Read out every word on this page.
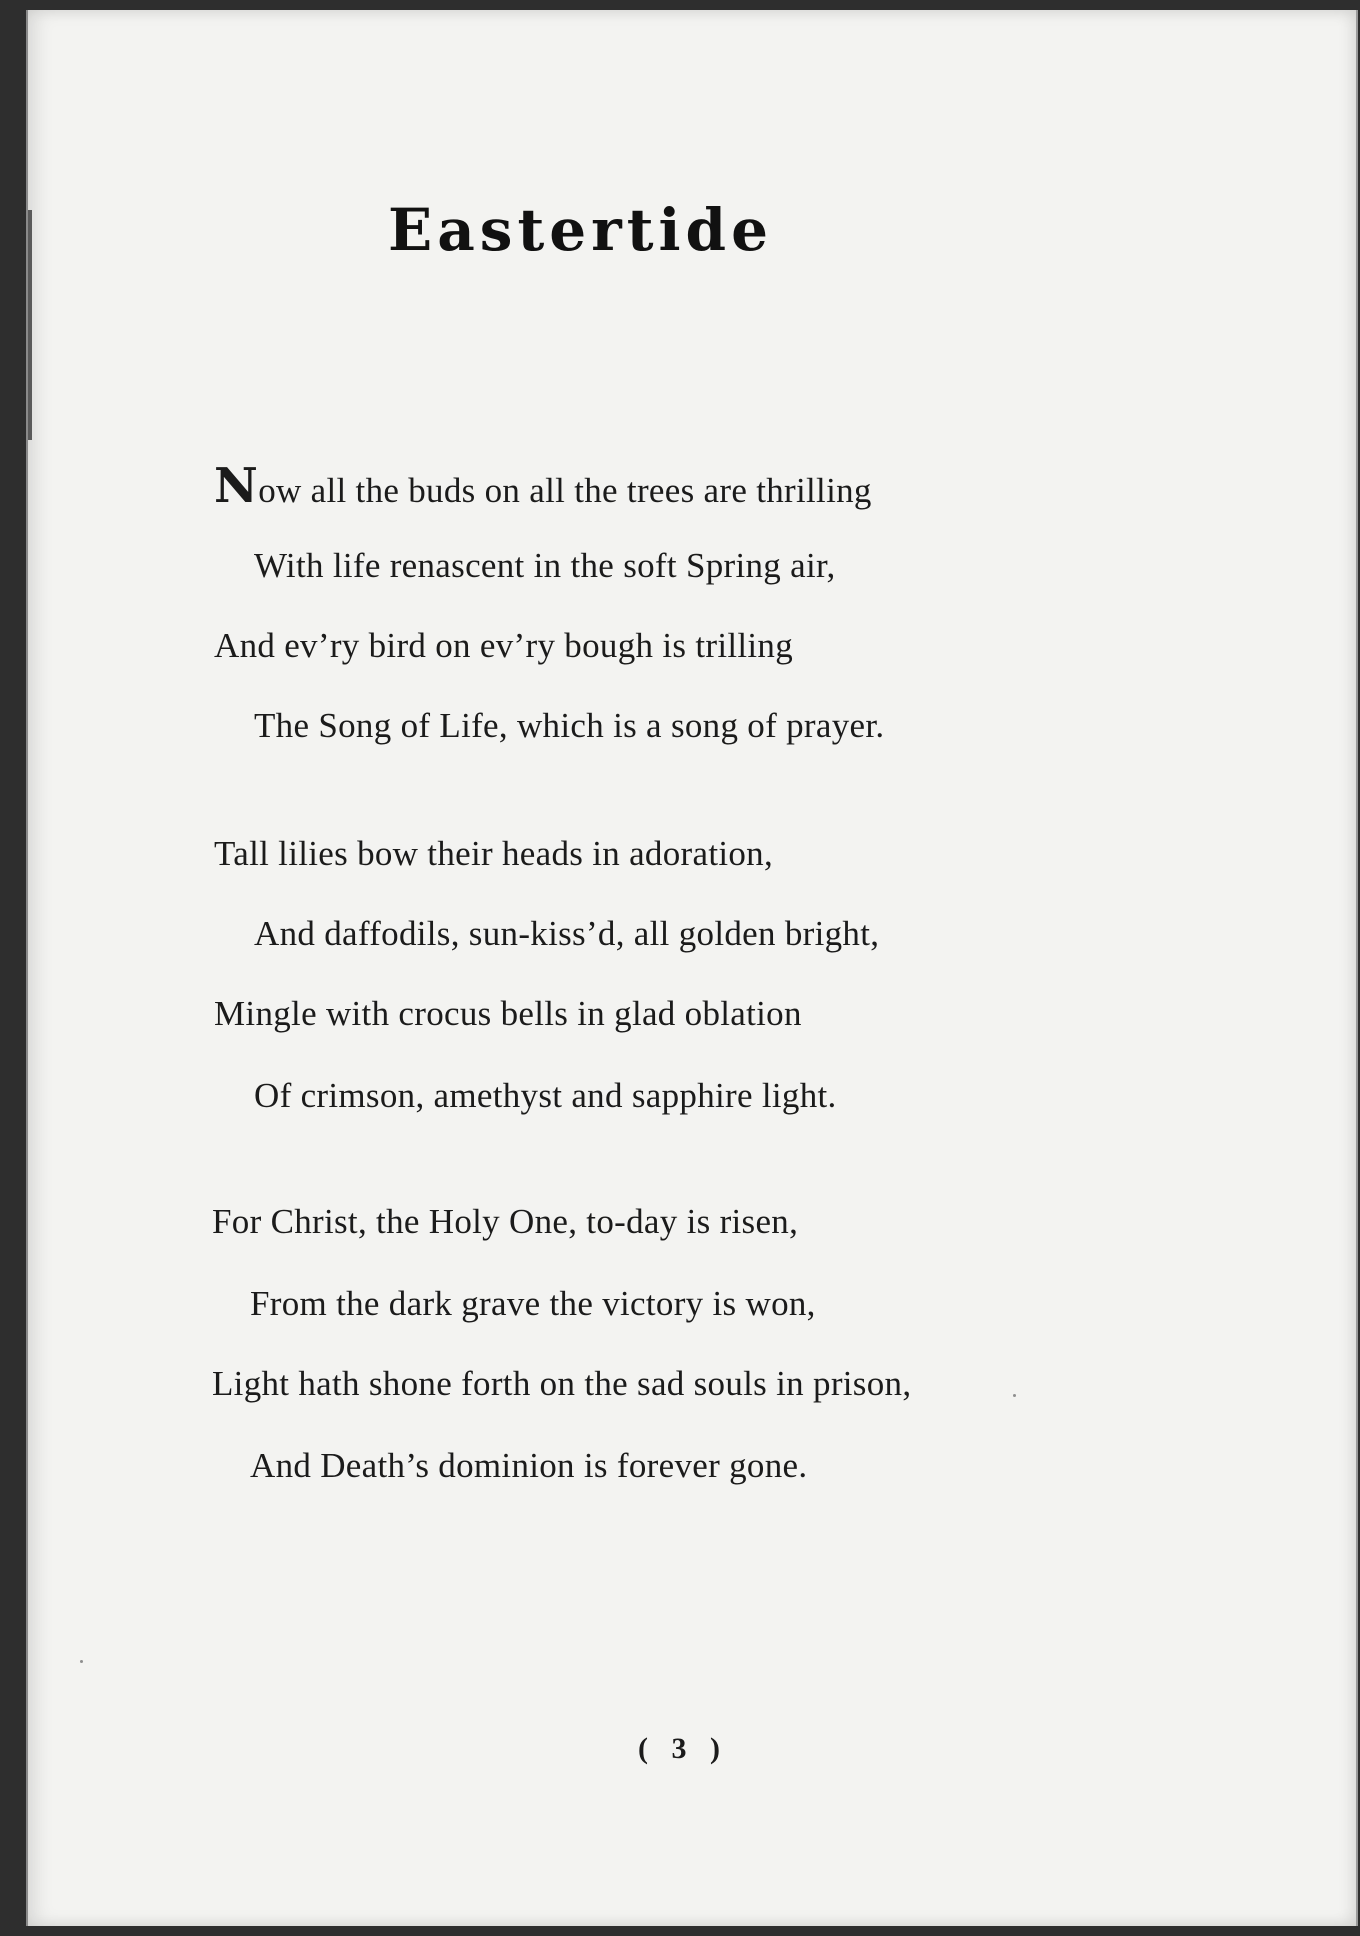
Eastertide
Now all the buds on all the trees are thrilling
With life renascent in the soft Spring air,
And ev’ry bird on ev’ry bough is trilling
The Song of Life, which is a song of prayer.
Tall lilies bow their heads in adoration,
And daffodils, sun-kiss’d, all golden bright,
Mingle with crocus bells in glad oblation
Of crimson, amethyst and sapphire light.
For Christ, the Holy One, to-day is risen,
From the dark grave the victory is won,
Light hath shone forth on the sad souls in prison,
And Death’s dominion is forever gone.
( 3 )
